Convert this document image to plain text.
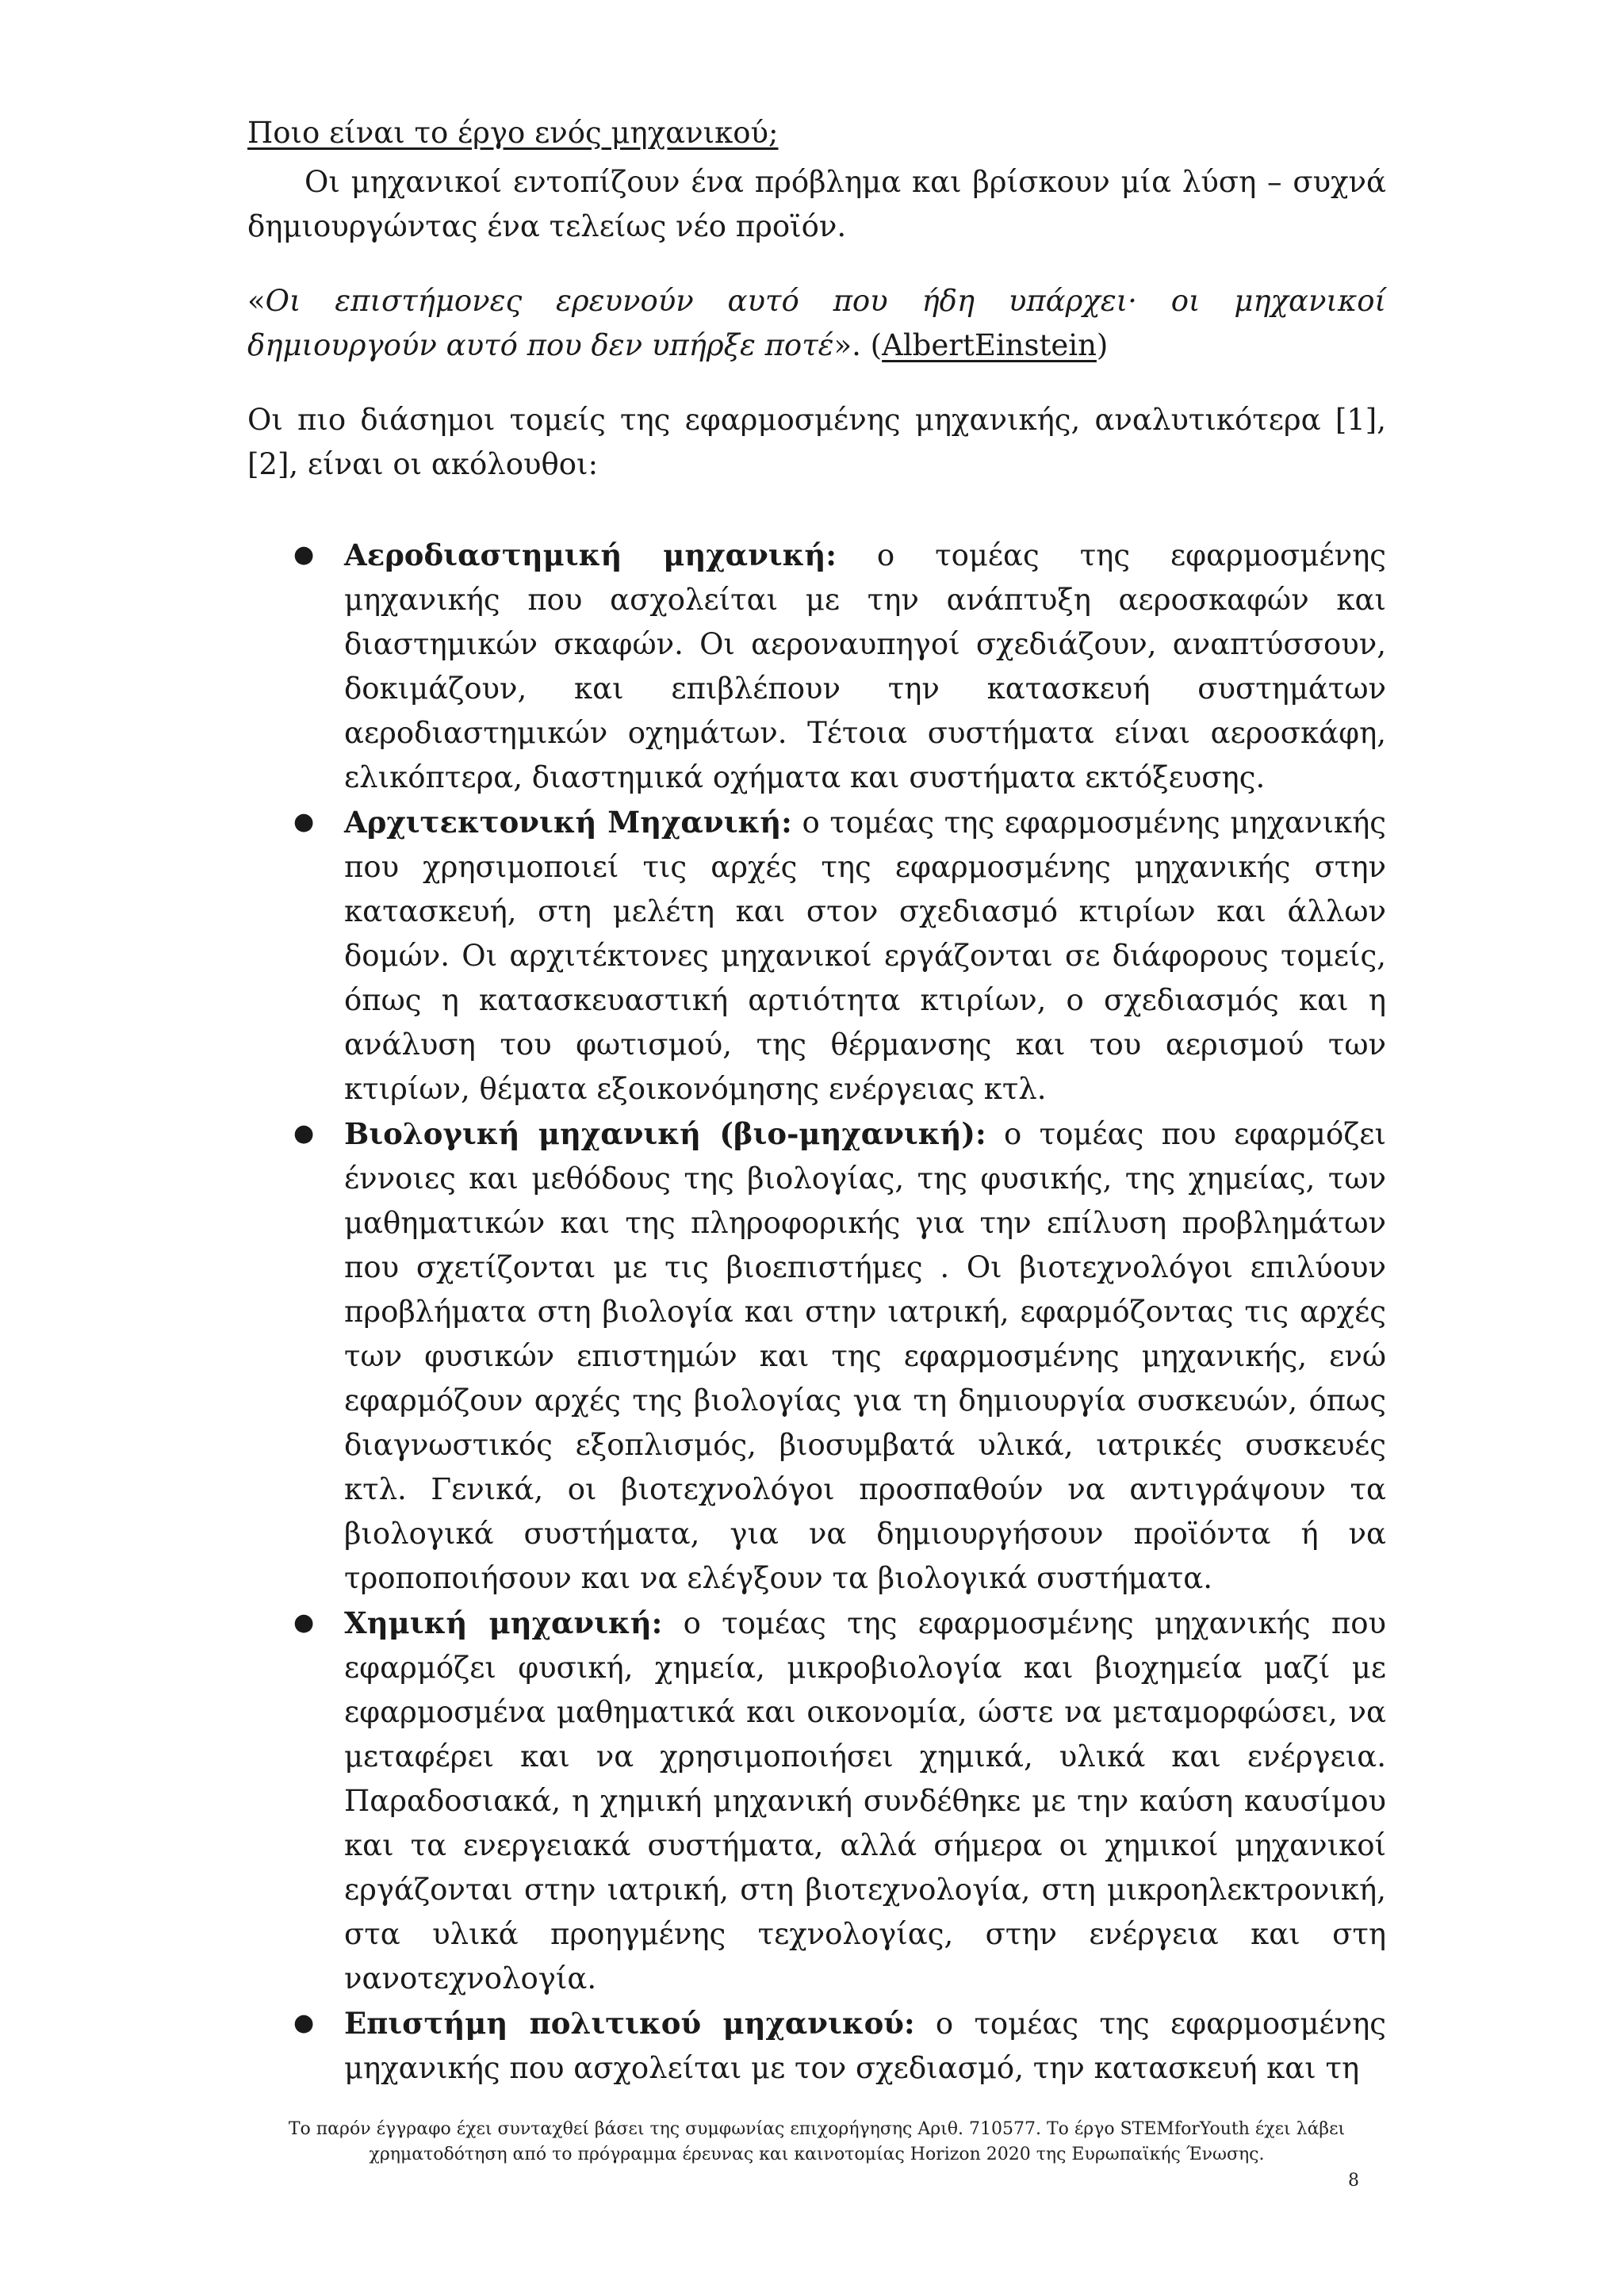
Ποιο είναι το έργο ενός μηχανικού;

Οι μηχανικοί εντοπίζουν ένα πρόβλημα και βρίσκουν μία λύση – συχνά δημιουργώντας ένα τελείως νέο προϊόν.

«Οι επιστήμονες ερευνούν αυτό που ήδη υπάρχει· οι μηχανικοί δημιουργούν αυτό που δεν υπήρξε ποτέ». (AlbertEinstein)

Οι πιο διάσημοι τομείς της εφαρμοσμένης μηχανικής, αναλυτικότερα [1], [2], είναι οι ακόλουθοι:

● Αεροδιαστημική μηχανική: ο τομέας της εφαρμοσμένης μηχανικής που ασχολείται με την ανάπτυξη αεροσκαφών και διαστημικών σκαφών. Οι αεροναυπηγοί σχεδιάζουν, αναπτύσσουν, δοκιμάζουν, και επιβλέπουν την κατασκευή συστημάτων αεροδιαστημικών οχημάτων. Τέτοια συστήματα είναι αεροσκάφη, ελικόπτερα, διαστημικά οχήματα και συστήματα εκτόξευσης.
● Αρχιτεκτονική Μηχανική: ο τομέας της εφαρμοσμένης μηχανικής που χρησιμοποιεί τις αρχές της εφαρμοσμένης μηχανικής στην κατασκευή, στη μελέτη και στον σχεδιασμό κτιρίων και άλλων δομών. Οι αρχιτέκτονες μηχανικοί εργάζονται σε διάφορους τομείς, όπως η κατασκευαστική αρτιότητα κτιρίων, ο σχεδιασμός και η ανάλυση του φωτισμού, της θέρμανσης και του αερισμού των κτιρίων, θέματα εξοικονόμησης ενέργειας κτλ.
● Βιολογική μηχανική (βιο-μηχανική): ο τομέας που εφαρμόζει έννοιες και μεθόδους της βιολογίας, της φυσικής, της χημείας, των μαθηματικών και της πληροφορικής για την επίλυση προβλημάτων που σχετίζονται με τις βιοεπιστήμες . Οι βιοτεχνολόγοι επιλύουν προβλήματα στη βιολογία και στην ιατρική, εφαρμόζοντας τις αρχές των φυσικών επιστημών και της εφαρμοσμένης μηχανικής, ενώ εφαρμόζουν αρχές της βιολογίας για τη δημιουργία συσκευών, όπως διαγνωστικός εξοπλισμός, βιοσυμβατά υλικά, ιατρικές συσκευές κτλ. Γενικά, οι βιοτεχνολόγοι προσπαθούν να αντιγράψουν τα βιολογικά συστήματα, για να δημιουργήσουν προϊόντα ή να τροποποιήσουν και να ελέγξουν τα βιολογικά συστήματα.
● Χημική μηχανική: ο τομέας της εφαρμοσμένης μηχανικής που εφαρμόζει φυσική, χημεία, μικροβιολογία και βιοχημεία μαζί με εφαρμοσμένα μαθηματικά και οικονομία, ώστε να μεταμορφώσει, να μεταφέρει και να χρησιμοποιήσει χημικά, υλικά και ενέργεια. Παραδοσιακά, η χημική μηχανική συνδέθηκε με την καύση καυσίμου και τα ενεργειακά συστήματα, αλλά σήμερα οι χημικοί μηχανικοί εργάζονται στην ιατρική, στη βιοτεχνολογία, στη μικροηλεκτρονική, στα υλικά προηγμένης τεχνολογίας, στην ενέργεια και στη νανοτεχνολογία.
● Επιστήμη πολιτικού μηχανικού: ο τομέας της εφαρμοσμένης μηχανικής που ασχολείται με τον σχεδιασμό, την κατασκευή και τη
Το παρόν έγγραφο έχει συνταχθεί βάσει της συμφωνίας επιχορήγησης Αριθ. 710577. Το έργο STEMforYouth έχει λάβει
χρηματοδότηση από το πρόγραμμα έρευνας και καινοτομίας Horizon 2020 της Ευρωπαϊκής Ένωσης.
8
